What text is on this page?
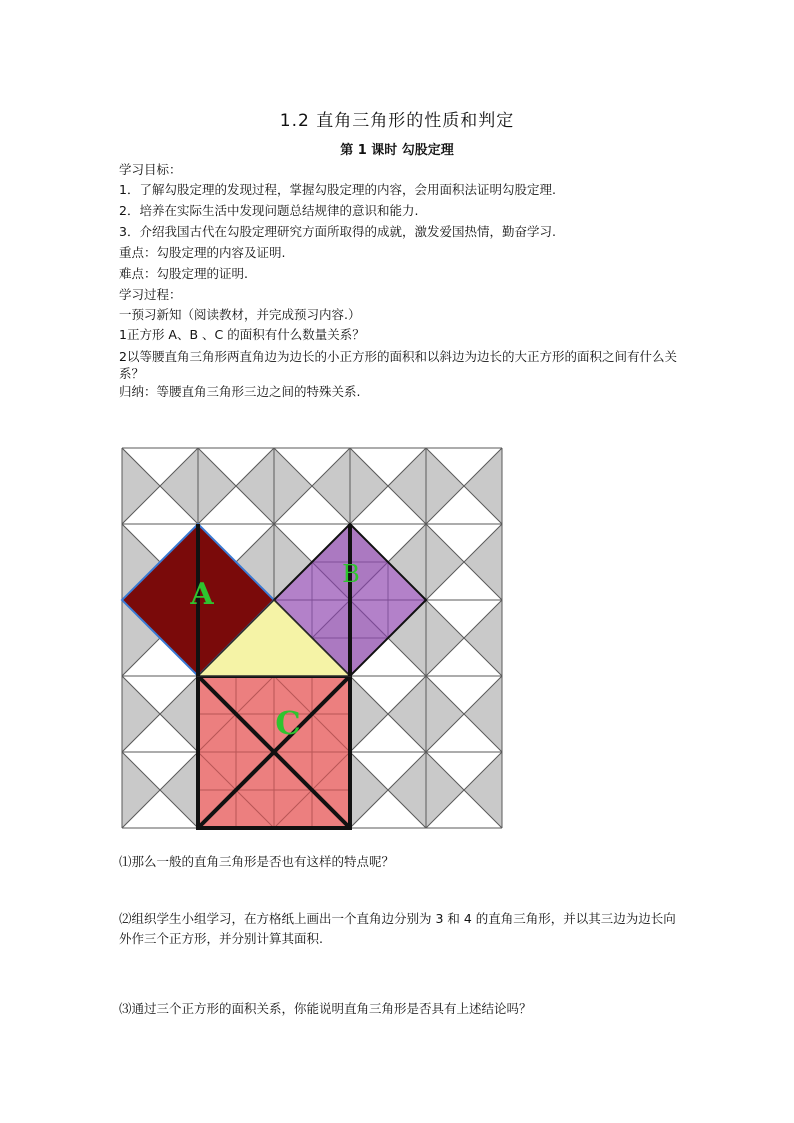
1.2 直角三角形的性质和判定
第 1 课时 勾股定理
学习目标：
1．了解勾股定理的发现过程，掌握勾股定理的内容，会用面积法证明勾股定理.
2．培养在实际生活中发现问题总结规律的意识和能力.
3．介绍我国古代在勾股定理研究方面所取得的成就，激发爱国热情，勤奋学习.
重点：勾股定理的内容及证明.
难点：勾股定理的证明.
学习过程：
一预习新知（阅读教材，并完成预习内容.）
1正方形 A、B 、C 的面积有什么数量关系？
2以等腰直角三角形两直角边为边长的小正方形的面积和以斜边为边长的大正方形的面积之间有什么关系？
归纳：等腰直角三角形三边之间的特殊关系.
A
B
C
⑴那么一般的直角三角形是否也有这样的特点呢？
⑵组织学生小组学习，在方格纸上画出一个直角边分别为 3 和 4 的直角三角形，并以其三边为边长向外作三个正方形，并分别计算其面积.
⑶通过三个正方形的面积关系，你能说明直角三角形是否具有上述结论吗？
